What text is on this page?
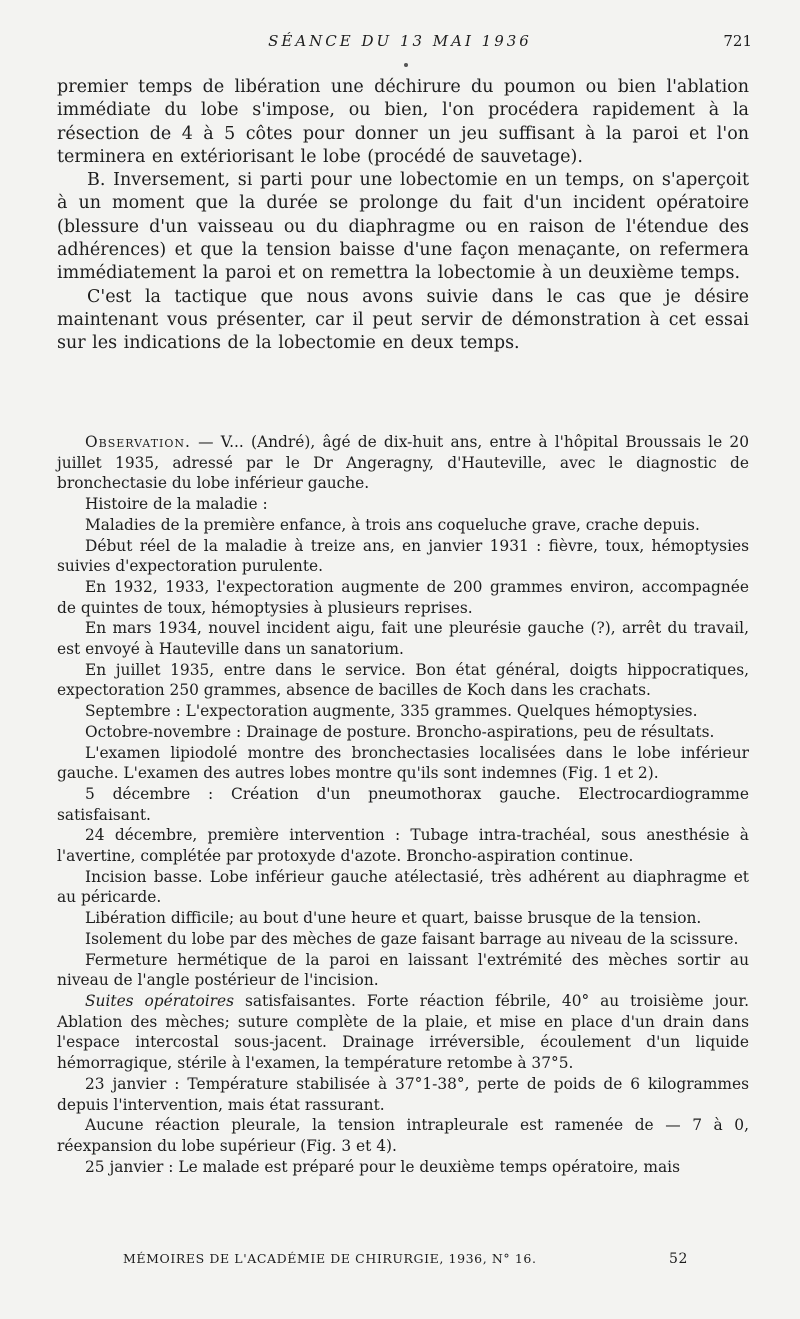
SÉANCE DU 13 MAI 1936	721

premier temps de libération une déchirure du poumon ou bien l'ablation immédiate du lobe s'impose, ou bien, l'on procédera rapidement à la résection de 4 à 5 côtes pour donner un jeu suffisant à la paroi et l'on terminera en extériorisant le lobe (procédé de sauvetage).

B. Inversement, si parti pour une lobectomie en un temps, on s'aperçoit à un moment que la durée se prolonge du fait d'un incident opératoire (blessure d'un vaisseau ou du diaphragme ou en raison de l'étendue des adhérences) et que la tension baisse d'une façon menaçante, on refermera immédiatement la paroi et on remettra la lobectomie à un deuxième temps.

C'est la tactique que nous avons suivie dans le cas que je désire maintenant vous présenter, car il peut servir de démonstration à cet essai sur les indications de la lobectomie en deux temps.

Observation. — V... (André), âgé de dix-huit ans, entre à l'hôpital Broussais le 20 juillet 1935, adressé par le Dr Angeragny, d'Hauteville, avec le diagnostic de bronchectasie du lobe inférieur gauche.

Histoire de la maladie :

Maladies de la première enfance, à trois ans coqueluche grave, crache depuis.

Début réel de la maladie à treize ans, en janvier 1931 : fièvre, toux, hémoptysies suivies d'expectoration purulente.

En 1932, 1933, l'expectoration augmente de 200 grammes environ, accompagnée de quintes de toux, hémoptysies à plusieurs reprises.

En mars 1934, nouvel incident aigu, fait une pleurésie gauche (?), arrêt du travail, est envoyé à Hauteville dans un sanatorium.

En juillet 1935, entre dans le service. Bon état général, doigts hippocratiques, expectoration 250 grammes, absence de bacilles de Koch dans les crachats.

Septembre : L'expectoration augmente, 335 grammes. Quelques hémoptysies.

Octobre-novembre : Drainage de posture. Broncho-aspirations, peu de résultats.

L'examen lipiodolé montre des bronchectasies localisées dans le lobe inférieur gauche. L'examen des autres lobes montre qu'ils sont indemnes (Fig. 1 et 2).

5 décembre : Création d'un pneumothorax gauche. Electrocardiogramme satisfaisant.

24 décembre, première intervention : Tubage intra-trachéal, sous anesthésie à l'avertine, complétée par protoxyde d'azote. Broncho-aspiration continue.

Incision basse. Lobe inférieur gauche atélectasié, très adhérent au diaphragme et au péricarde.

Libération difficile; au bout d'une heure et quart, baisse brusque de la tension.

Isolement du lobe par des mèches de gaze faisant barrage au niveau de la scissure.

Fermeture hermétique de la paroi en laissant l'extrémité des mèches sortir au niveau de l'angle postérieur de l'incision.

Suites opératoires satisfaisantes. Forte réaction fébrile, 40° au troisième jour. Ablation des mèches; suture complète de la plaie, et mise en place d'un drain dans l'espace intercostal sous-jacent. Drainage irréversible, écoulement d'un liquide hémorragique, stérile à l'examen, la température retombe à 37°5.

23 janvier : Température stabilisée à 37°1-38°, perte de poids de 6 kilogrammes depuis l'intervention, mais état rassurant.

Aucune réaction pleurale, la tension intrapleurale est ramenée de — 7 à 0, réexpansion du lobe supérieur (Fig. 3 et 4).

25 janvier : Le malade est préparé pour le deuxième temps opératoire, mais

MÉMOIRES DE L'ACADÉMIE DE CHIRURGIE, 1936, N° 16.	52
